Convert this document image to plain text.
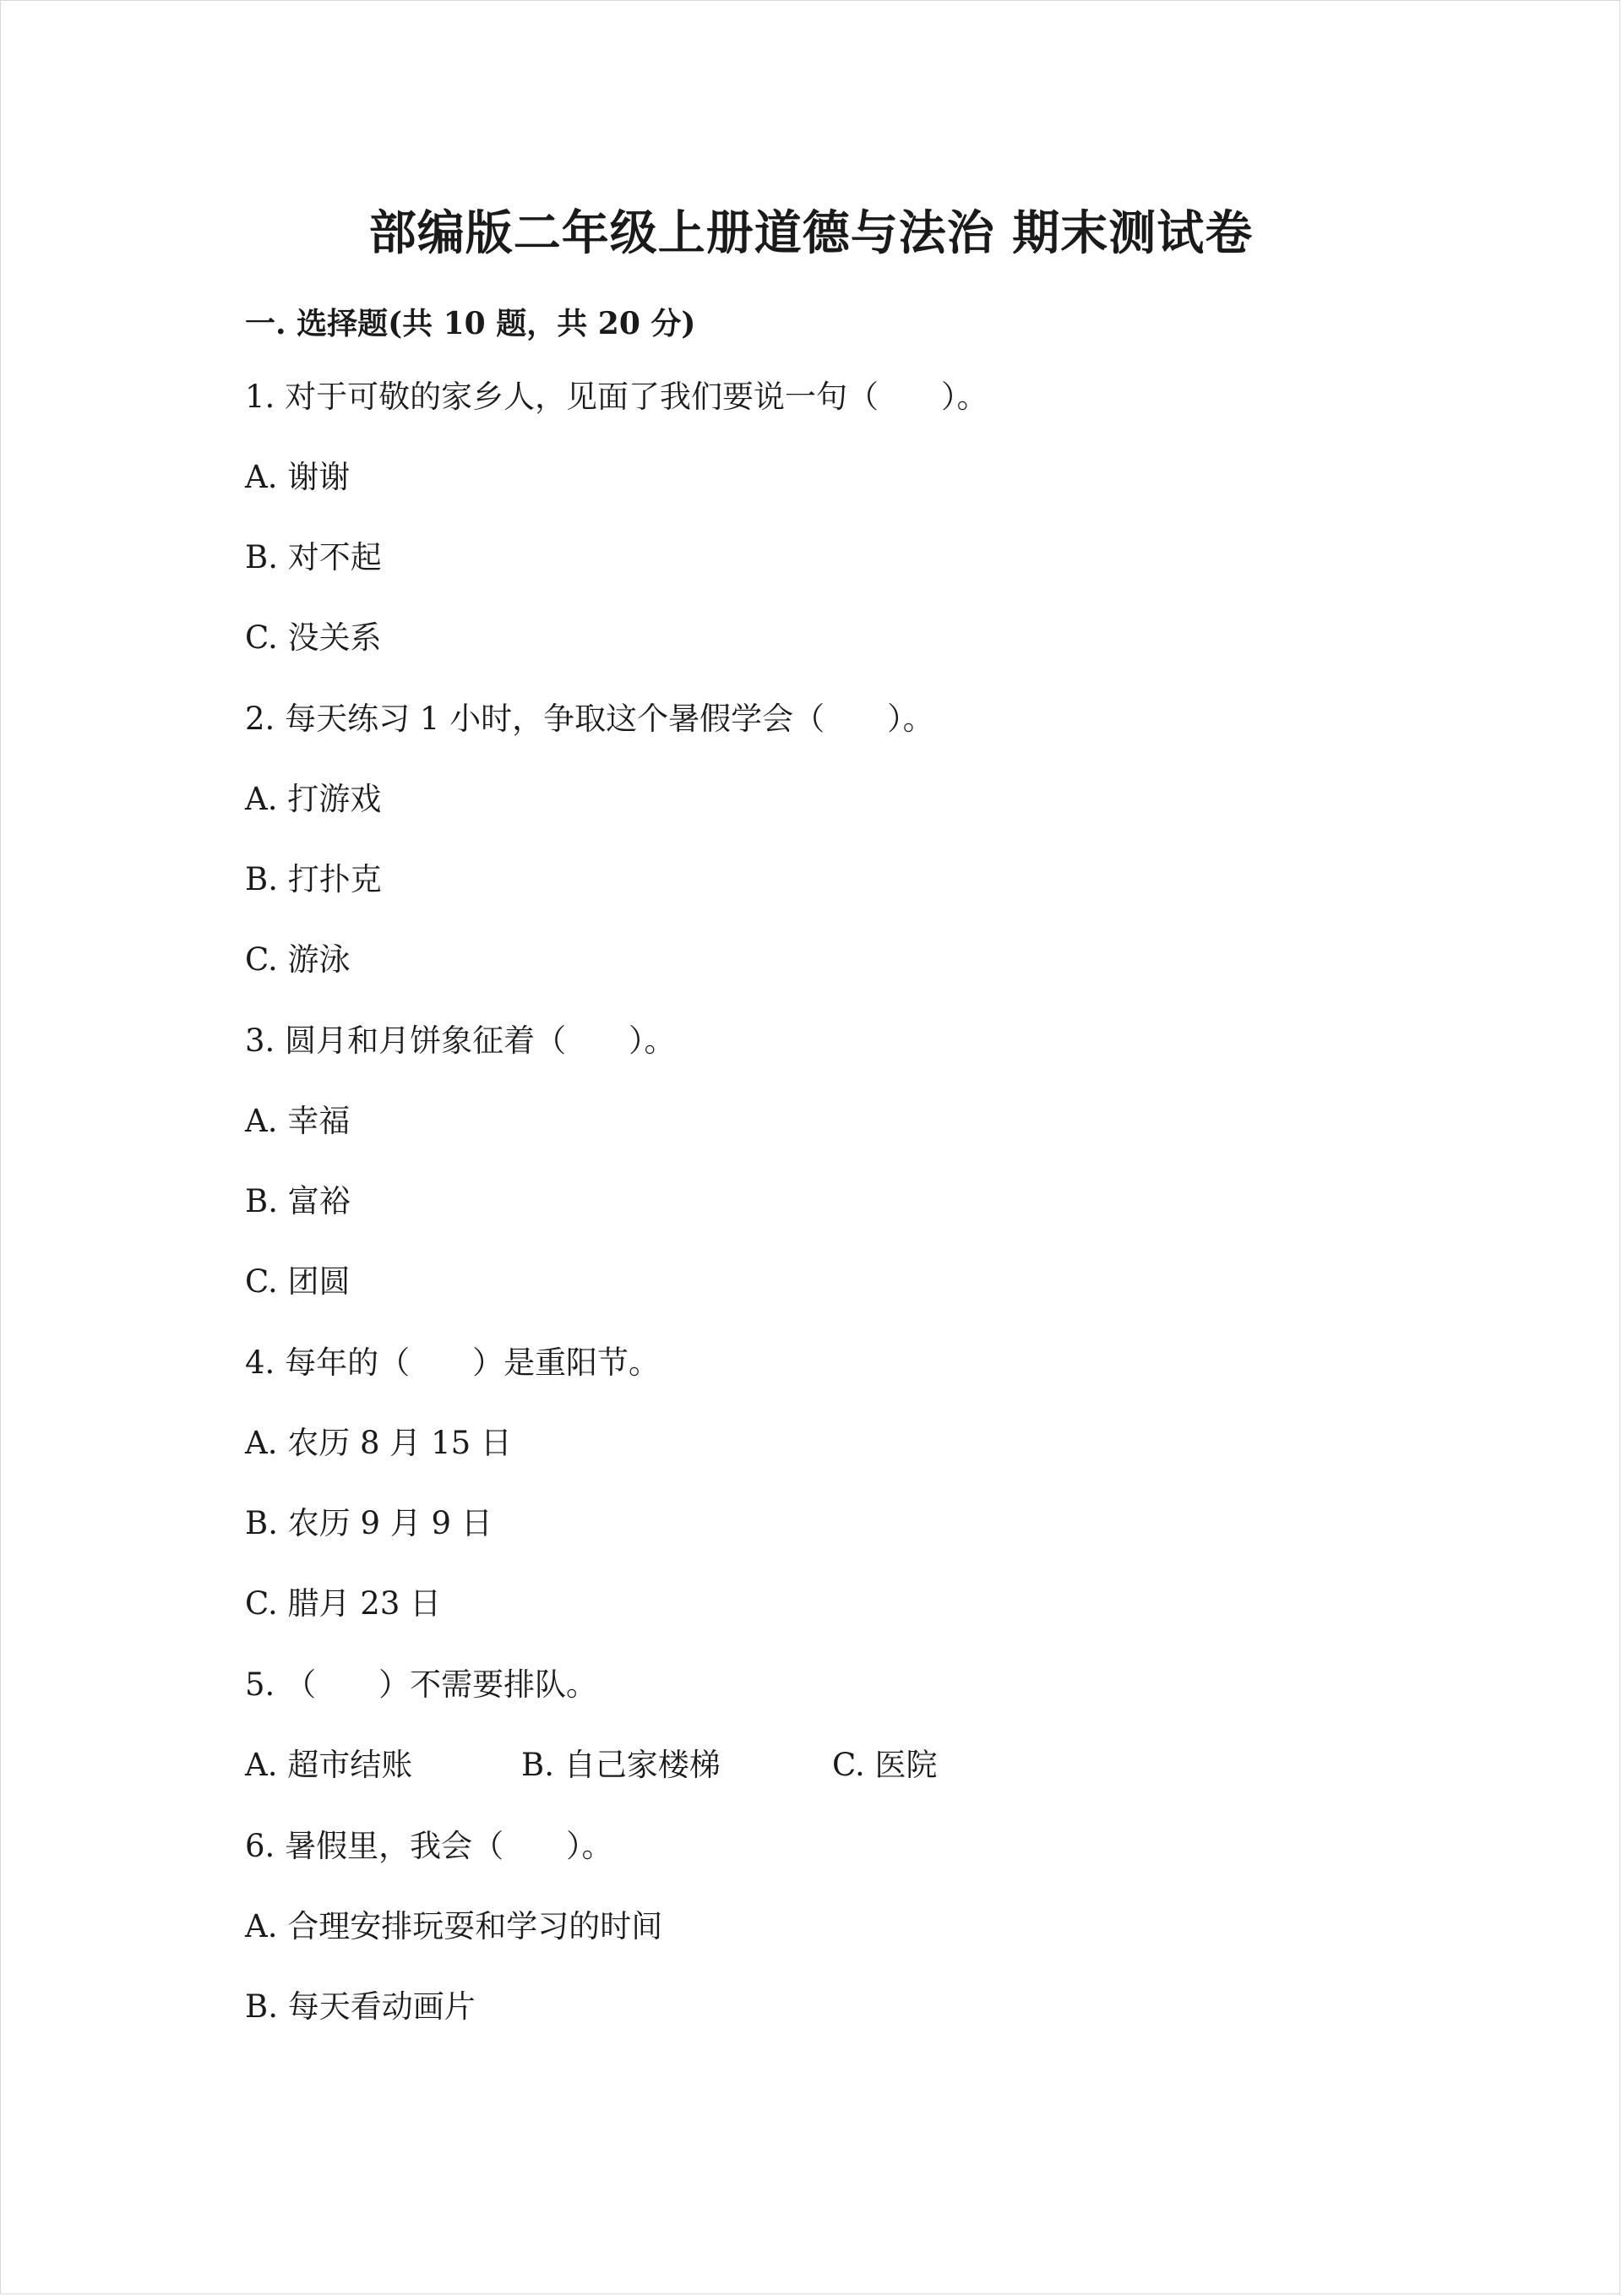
部编版二年级上册道德与法治 期末测试卷
一. 选择题(共 10 题，共 20 分)
1. 对于可敬的家乡人，见面了我们要说一句（　　）。
A. 谢谢
B. 对不起
C. 没关系
2. 每天练习 1 小时，争取这个暑假学会（　　）。
A. 打游戏
B. 打扑克
C. 游泳
3. 圆月和月饼象征着（　　）。
A. 幸福
B. 富裕
C. 团圆
4. 每年的（　　）是重阳节。
A. 农历 8 月 15 日
B. 农历 9 月 9 日
C. 腊月 23 日
5. （　　）不需要排队。
A. 超市结账	B. 自己家楼梯	C. 医院
6. 暑假里，我会（　　）。
A. 合理安排玩耍和学习的时间
B. 每天看动画片
